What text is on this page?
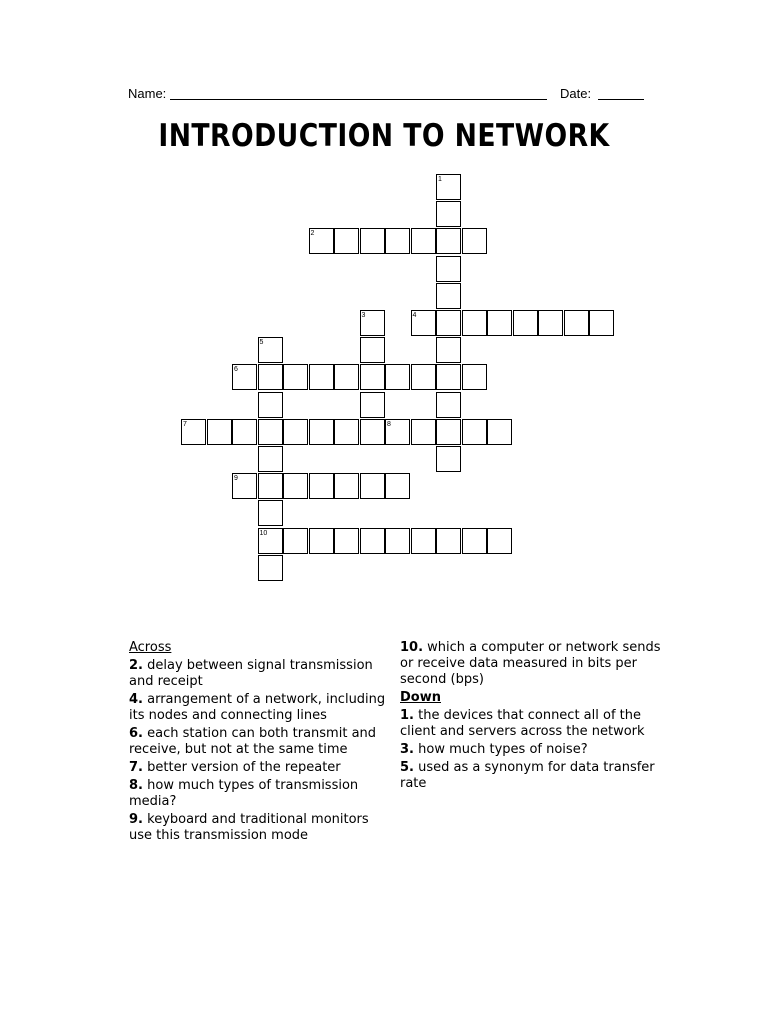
Name:	Date:
INTRODUCTION TO NETWORK
1
2
3	4
5
10
6
7	8
9
Across
2. delay between signal transmission and receipt
4. arrangement of a network, including its nodes and connecting lines
6. each station can both transmit and receive, but not at the same time
7. better version of the repeater
8. how much types of transmission media?
9. keyboard and traditional monitors use this transmission mode
10. which a computer or network sends or receive data measured in bits per second (bps)
Down
1. the devices that connect all of the client and servers across the network
3. how much types of noise?
5. used as a synonym for data transfer rate
